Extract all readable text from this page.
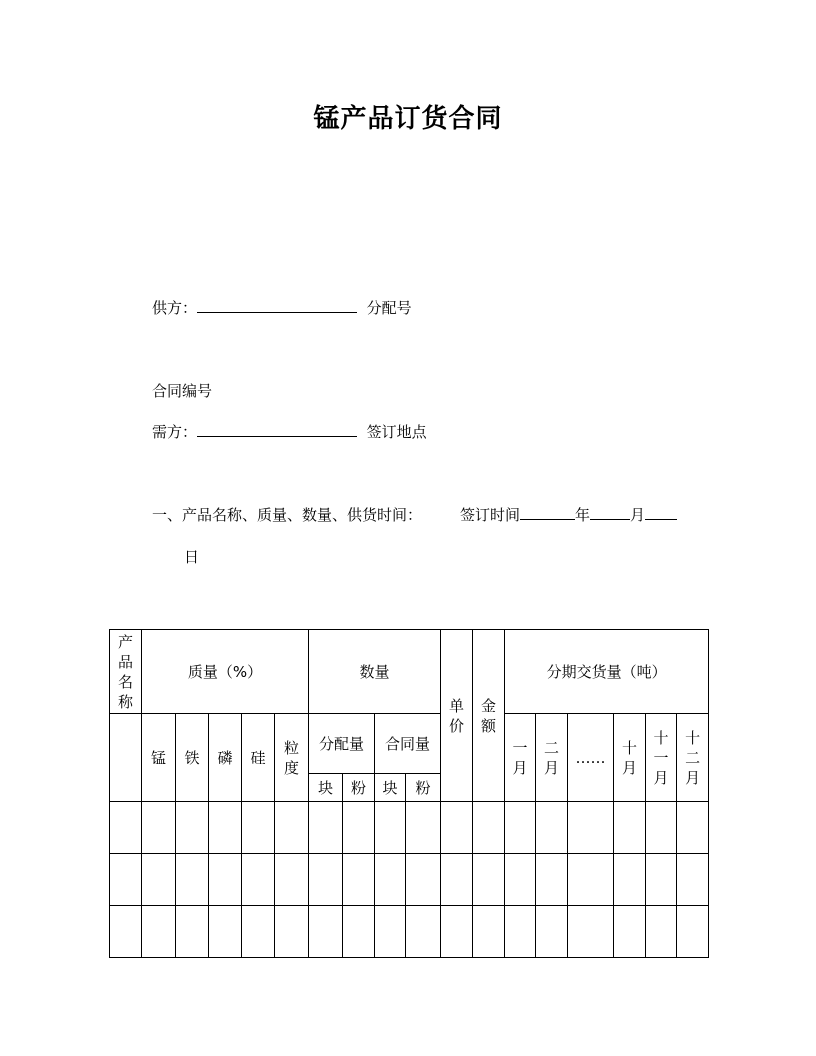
锰产品订货合同
供方：	分配号
合同编号
需方：	签订地点
一、产品名称、质量、数量、供货时间：	签订时间	年	月
日
产品名称	质量（%）					数量				单价	金额	分期交货量（吨）					
	锰	铁	磷	硅	粒度	分配量		合同量				一月	二月	……	十月	十一月	十二月
						块	粉	块	粉								
